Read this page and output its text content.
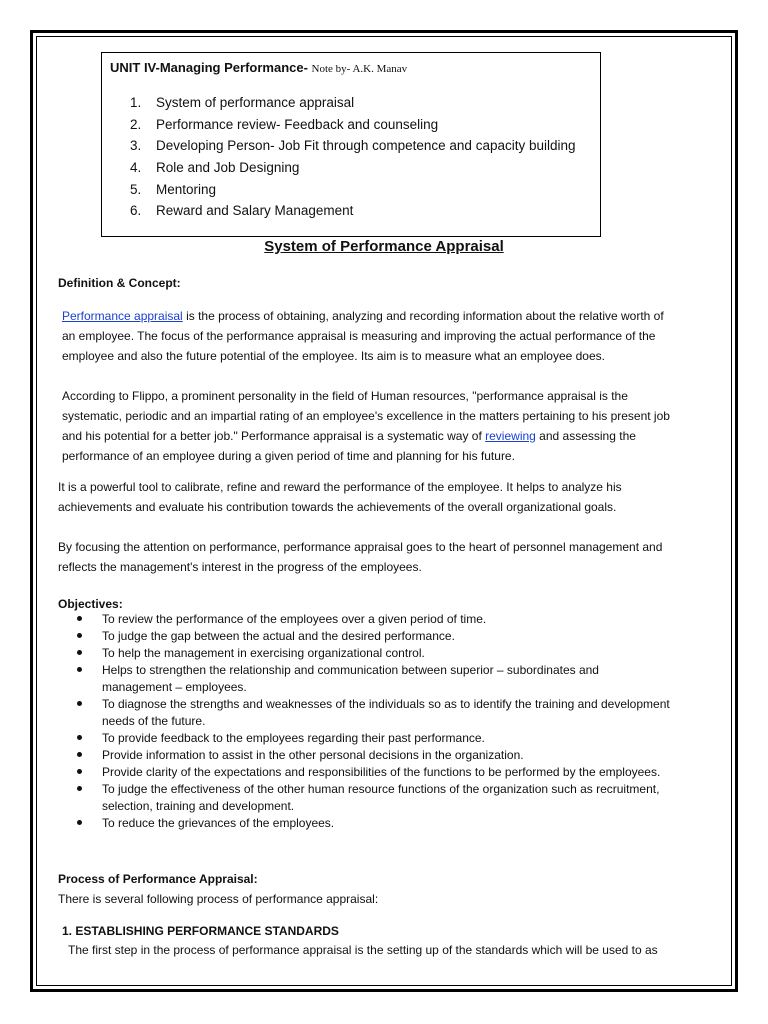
UNIT IV-Managing Performance- Note by- A.K. Manav
1. System of performance appraisal
2. Performance review- Feedback and counseling
3. Developing Person- Job Fit through competence and capacity building
4. Role and Job Designing
5. Mentoring
6. Reward and Salary Management
System of Performance Appraisal
Definition & Concept:
Performance appraisal is the process of obtaining, analyzing and recording information about the relative worth of
an employee. The focus of the performance appraisal is measuring and improving the actual performance of the
employee and also the future potential of the employee. Its aim is to measure what an employee does.
According to Flippo, a prominent personality in the field of Human resources, "performance appraisal is the
systematic, periodic and an impartial rating of an employee's excellence in the matters pertaining to his present job
and his potential for a better job." Performance appraisal is a systematic way of reviewing and assessing the
performance of an employee during a given period of time and planning for his future.
It is a powerful tool to calibrate, refine and reward the performance of the employee. It helps to analyze his
achievements and evaluate his contribution towards the achievements of the overall organizational goals.
By focusing the attention on performance, performance appraisal goes to the heart of personnel management and
reflects the management's interest in the progress of the employees.
Objectives:
To review the performance of the employees over a given period of time.
To judge the gap between the actual and the desired performance.
To help the management in exercising organizational control.
Helps to strengthen the relationship and communication between superior – subordinates and
management – employees.
To diagnose the strengths and weaknesses of the individuals so as to identify the training and development
needs of the future.
To provide feedback to the employees regarding their past performance.
Provide information to assist in the other personal decisions in the organization.
Provide clarity of the expectations and responsibilities of the functions to be performed by the employees.
To judge the effectiveness of the other human resource functions of the organization such as recruitment,
selection, training and development.
To reduce the grievances of the employees.
Process of Performance Appraisal:
There is several following process of performance appraisal:
1. ESTABLISHING PERFORMANCE STANDARDS
The first step in the process of performance appraisal is the setting up of the standards which will be used to as
